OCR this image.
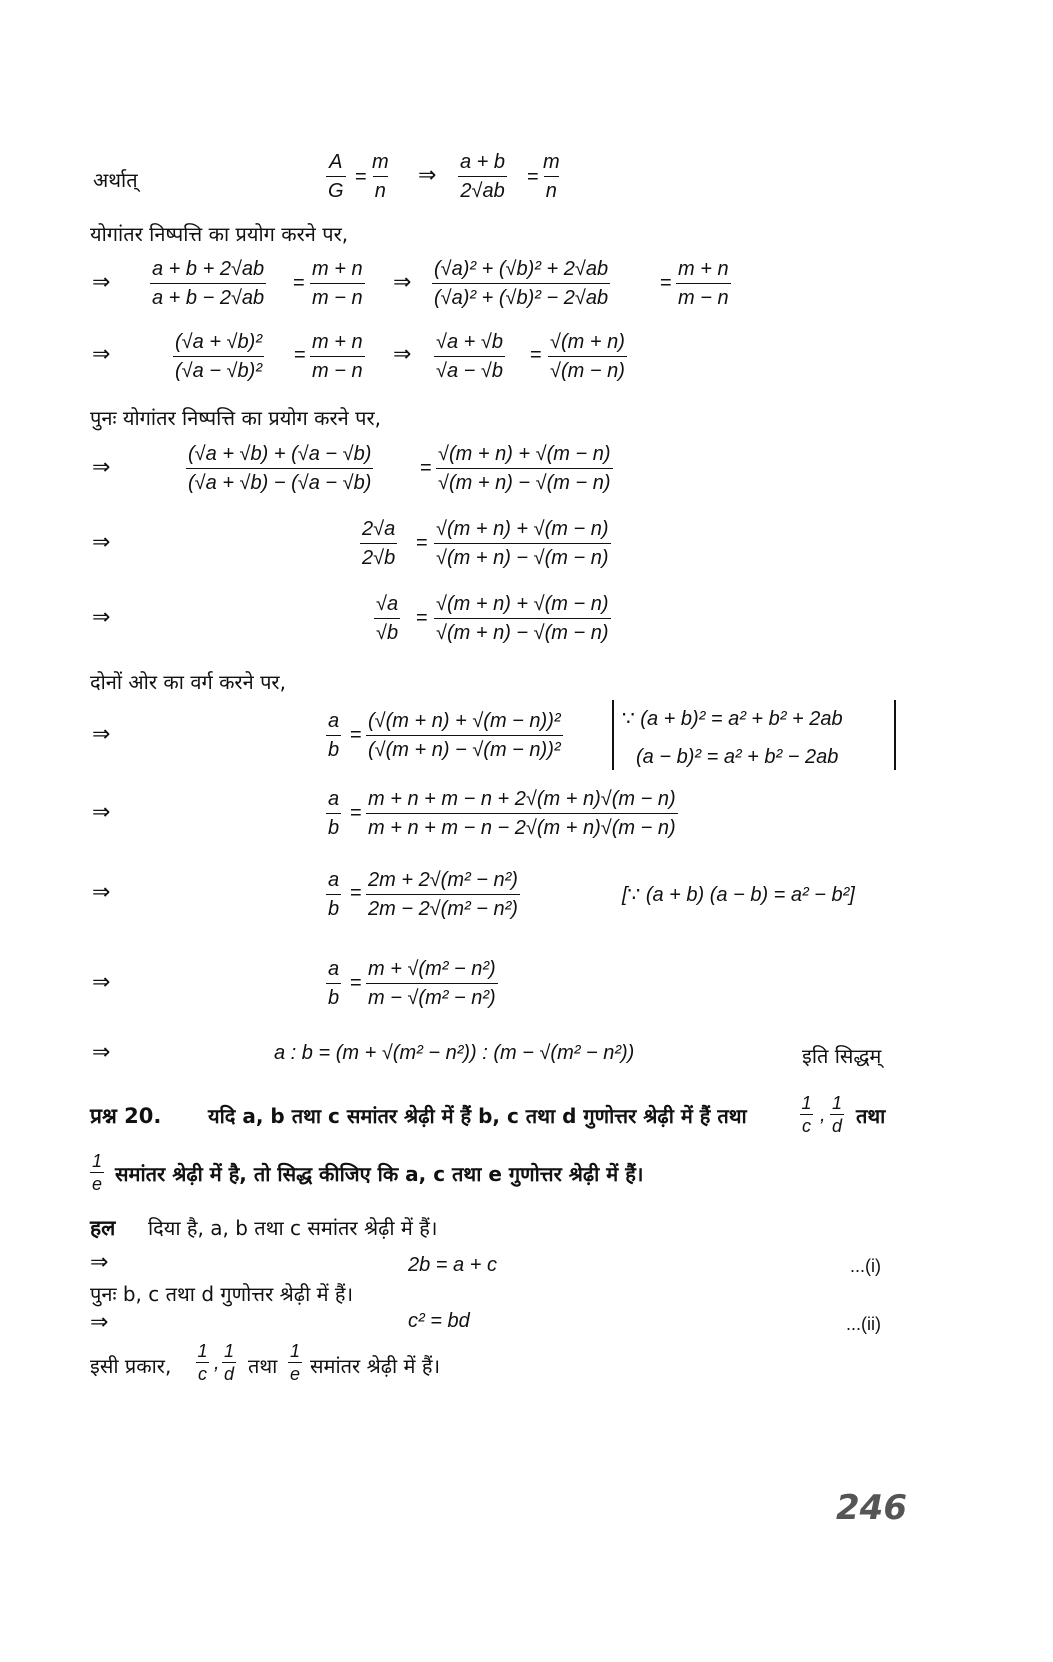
अर्थात्	$\frac{A}{G} = \frac{m}{n}$ ⇒ $\frac{a + b}{2√ab} = \frac{m}{n}$
योगांतर निष्पत्ति का प्रयोग करने पर,
⇒ $\frac{a + b + 2√ab}{a + b - 2√ab} = \frac{m + n}{m - n}$ ⇒ $\frac{\text{(√a)² + (√b)² + 2√ab}}{\text{(√a)² + (√b)² − 2√ab}} = \frac{m + n}{m - n}$
⇒	$\frac{\text{(√a + √b)²}}{\text{(√a − √b)²}} = \frac{m + n}{m - n}$ ⇒ $\frac{√a + √b}{√a - √b} = \frac{√(m + n)}{√(m - n)}$
पुनः योगांतर निष्पत्ति का प्रयोग करने पर,
⇒	$\frac{(√a + √b) + (√a - √b)}{(√a + √b) - (√a - √b)} = \frac{√(m + n) + √(m - n)}{√(m + n) - √(m - n)}$
⇒	$\frac{2√a}{2√b} = \frac{√(m + n) + √(m - n)}{√(m + n) - √(m - n)}$
⇒	$\frac{√a}{√b} = \frac{√(m + n) + √(m - n)}{√(m + n) - √(m - n)}$
दोनों ओर का वर्ग करने पर,
⇒	$\frac{a}{b} = \frac{\text{(√(m + n) + √(m − n))²}}{\text{(√(m + n) − √(m − n))²}}$	∵ (a + b)² = a² + b² + 2ab
(a − b)² = a² + b² − 2ab
⇒	$\frac{a}{b} = \frac{m + n + m - n + 2√(m + n)√(m - n)}{m + n + m - n - 2√(m + n)√(m - n)}$
⇒	$\frac{a}{b} = \frac{\text{2m + 2√(m² − n²)}}{\text{2m − 2√(m² − n²)}}$	[∵ (a + b) (a − b) = a² − b²]
⇒	$\frac{a}{b} = \frac{\text{m + √(m² − n²)}}{\text{m − √(m² − n²)}}$
⇒	a : b = (m + √(m² − n²)) : (m − √(m² − n²))	इति सिद्धम्
प्रश्न 20. यदि a, b तथा c समांतर श्रेढ़ी में हैं b, c तथा d गुणोत्तर श्रेढ़ी में हैं तथा	$\frac{1}{c}$ , $\frac{1}{d}$ तथा
$\frac{1}{e}$ समांतर श्रेढ़ी में है, तो सिद्ध कीजिए कि a, c तथा e गुणोत्तर श्रेढ़ी में हैं।
हल दिया है, a, b तथा c समांतर श्रेढ़ी में हैं।
⇒	2b = a + c	...(i)
पुनः b, c तथा d गुणोत्तर श्रेढ़ी में हैं।
⇒	c² = bd	...(ii)
इसी प्रकार, $\frac{1}{c}$ , $\frac{1}{d}$ तथा $\frac{1}{e}$ समांतर श्रेढ़ी में हैं।
246
